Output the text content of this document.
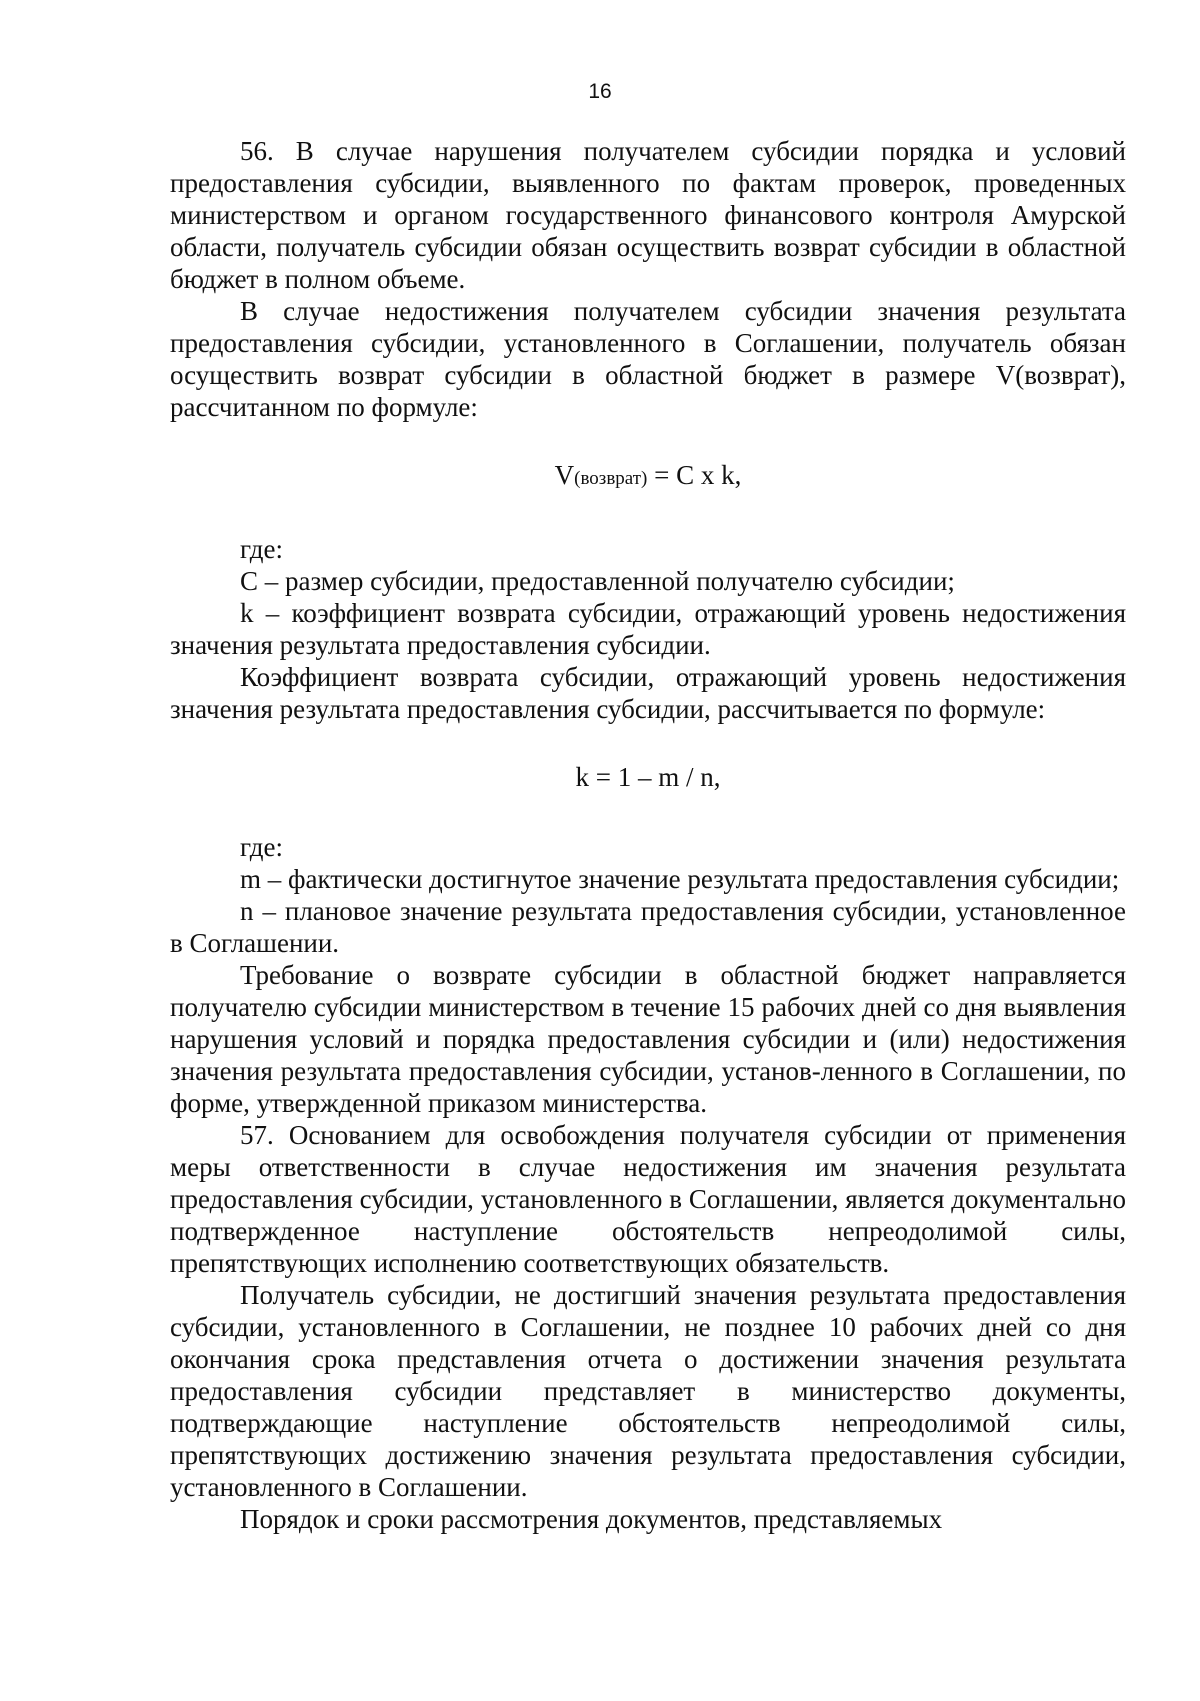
16

56. В случае нарушения получателем субсидии порядка и условий предоставления субсидии, выявленного по фактам проверок, проведенных министерством и органом государственного финансового контроля Амурской области, получатель субсидии обязан осуществить возврат субсидии в областной бюджет в полном объеме.

В случае недостижения получателем субсидии значения результата предоставления субсидии, установленного в Соглашении, получатель обязан осуществить возврат субсидии в областной бюджет в размере V(возврат), рассчитанном по формуле:

V(возврат) = C x k,

где:

C – размер субсидии, предоставленной получателю субсидии;

k – коэффициент возврата субсидии, отражающий уровень недостижения значения результата предоставления субсидии.

Коэффициент возврата субсидии, отражающий уровень недостижения значения результата предоставления субсидии, рассчитывается по формуле:

k = 1 – m / n,

где:

m – фактически достигнутое значение результата предоставления субсидии;

n – плановое значение результата предоставления субсидии, установленное в Соглашении.

Требование о возврате субсидии в областной бюджет направляется получателю субсидии министерством в течение 15 рабочих дней со дня выявления нарушения условий и порядка предоставления субсидии и (или) недостижения значения результата предоставления субсидии, установ-ленного в Соглашении, по форме, утвержденной приказом министерства.

57. Основанием для освобождения получателя субсидии от применения меры ответственности в случае недостижения им значения результата предоставления субсидии, установленного в Соглашении, является документально подтвержденное наступление обстоятельств непреодолимой силы, препятствующих исполнению соответствующих обязательств.

Получатель субсидии, не достигший значения результата предоставления субсидии, установленного в Соглашении, не позднее 10 рабочих дней со дня окончания срока представления отчета о достижении значения результата предоставления субсидии представляет в министерство документы, подтверждающие наступление обстоятельств непреодолимой силы, препятствующих достижению значения результата предоставления субсидии, установленного в Соглашении.

Порядок и сроки рассмотрения документов, представляемых
